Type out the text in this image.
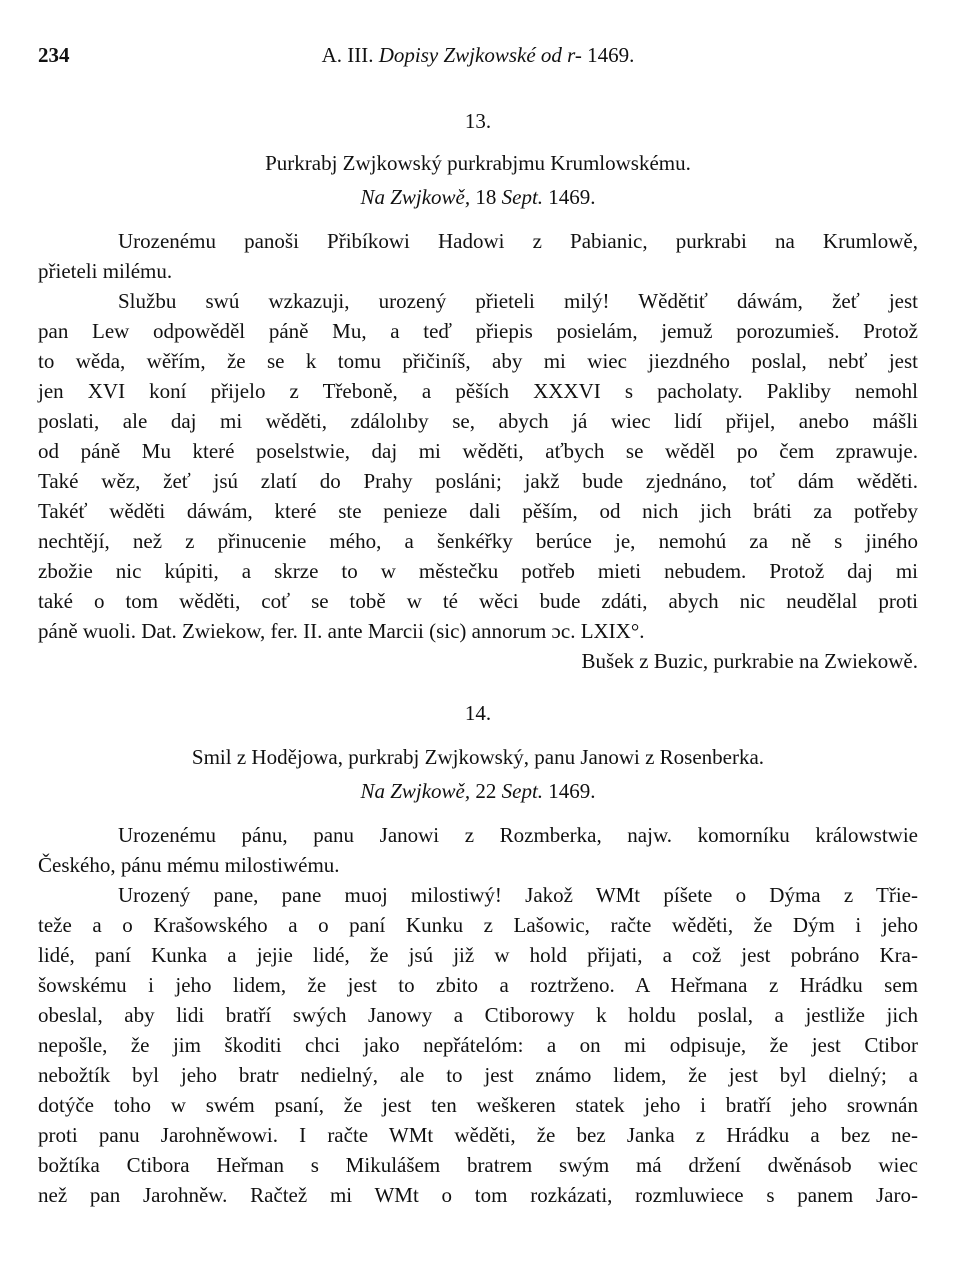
234	A. III. Dopisy Zwjkowské od r- 1469.
13.
Purkrabj Zwjkowský purkrabjmu Krumlowskému.
Na Zwjkowě, 18 Sept. 1469.
Urozenému panoši Přibíkowi Hadowi z Pabianic, purkrabi na Krumlowě,
přieteli milému.
Službu swú wzkazuji, urozený přieteli milý! Wědětiť dáwám, žeť jest
pan Lew odpowěděl páně Mu, a teď přiepis posielám, jemuž porozumieš. Protož
to wěda, wěřím, že se k tomu přičiníš, aby mi wiec jiezdného poslal, nebť jest
jen XVI koní přijelo z Třeboně, a pěších XXXVI s pacholaty. Pakliby nemohl
poslati, ale daj mi wěděti, zdálolıby se, abych já wiec lidí přijel, anebo mášli
od páně Mu které poselstwie, daj mi wěděti, aťbych se wěděl po čem zprawuje.
Také wěz, žeť jsú zlatí do Prahy posláni; jakž bude zjednáno, toť dám wěděti.
Takéť wěděti dáwám, které ste penieze dali pěším, od nich jich bráti za potřeby
nechtějí, než z přinucenie mého, a šenkéřky berúce je, nemohú za ně s jiného
zbožie nic kúpiti, a skrze to w městečku potřeb mieti nebudem. Protož daj mi
také o tom wěděti, coť se tobě w té wěci bude zdáti, abych nic neudělal proti
páně wuoli. Dat. Zwiekow, fer. II. ante Marcii (sic) annorum ɔc. LXIX°.
Bušek z Buzic, purkrabie na Zwiekowě.
14.
Smil z Hodějowa, purkrabj Zwjkowský, panu Janowi z Rosenberka.
Na Zwjkowě, 22 Sept. 1469.
Urozenému pánu, panu Janowi z Rozmberka, najw. komorníku králowstwie
Českého, pánu mému milostiwému.
Urozený pane, pane muoj milostiwý! Jakož WMt píšete o Dýma z Třie-
teže a o Krašowského a o paní Kunku z Lašowic, račte wěděti, že Dým i jeho
lidé, paní Kunka a jejie lidé, že jsú již w hold přijati, a což jest pobráno Kra-
šowskému i jeho lidem, že jest to zbito a roztrženo. A Heřmana z Hrádku sem
obeslal, aby lidi bratří swých Janowy a Ctiborowy k holdu poslal, a jestliže jich
nepošle, že jim škoditi chci jako nepřátelóm: a on mi odpisuje, že jest Ctibor
nebožtík byl jeho bratr nedielný, ale to jest známo lidem, že jest byl dielný; a
dotýče toho w swém psaní, že jest ten weškeren statek jeho i bratří jeho srownán
proti panu Jarohněwowi. I račte WMt wěděti, že bez Janka z Hrádku a bez ne-
božtíka Ctibora Heřman s Mikulášem bratrem swým má držení dwěnásob wiec
než pan Jarohněw. Račtež mi WMt o tom rozkázati, rozmluwiece s panem Jaro-
